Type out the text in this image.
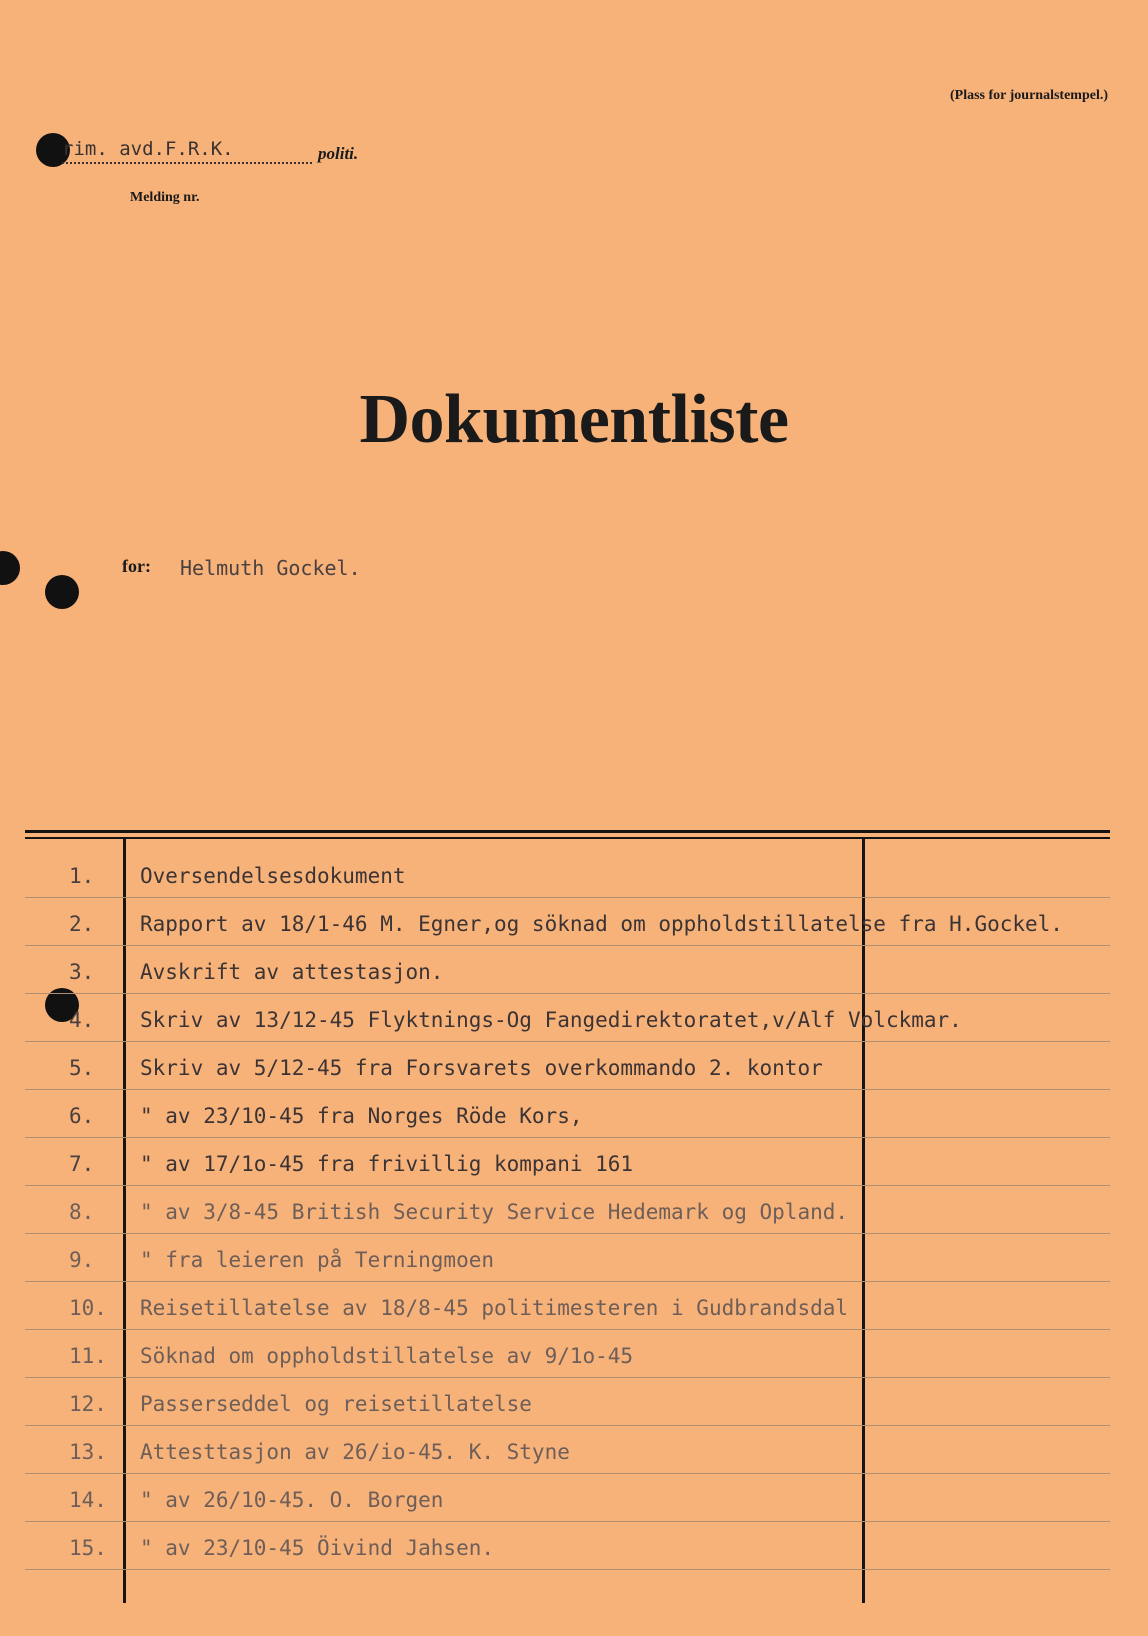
(Plass for journalstempel.)
rim. avd.F.R.K.	politi.
Melding nr.
Dokumentliste
for: Helmuth Gockel.
1.	Oversendelsesdokument
2.	Rapport av 18/1-46 M. Egner,og söknad om oppholdstillatelse fra H.Gockel.
3.	Avskrift av attestasjon.
4.	Skriv av 13/12-45 Flyktnings-Og Fangedirektoratet,v/Alf Volckmar.
5.	Skriv av 5/12-45 fra Forsvarets overkommando 2. kontor
6.	" av 23/10-45 fra Norges Röde Kors,
7.	" av 17/1o-45 fra frivillig kompani 161
8.	" av 3/8-45 British Security Service Hedemark og Opland.
9.	" fra leieren på Terningmoen
10.	Reisetillatelse av 18/8-45 politimesteren i Gudbrandsdal
11.	Söknad om oppholdstillatelse av 9/1o-45
12.	Passerseddel og reisetillatelse
13.	Attesttasjon av 26/io-45. K. Styne
14.	" av 26/10-45. O. Borgen
15.	" av 23/10-45 Öivind Jahsen.
